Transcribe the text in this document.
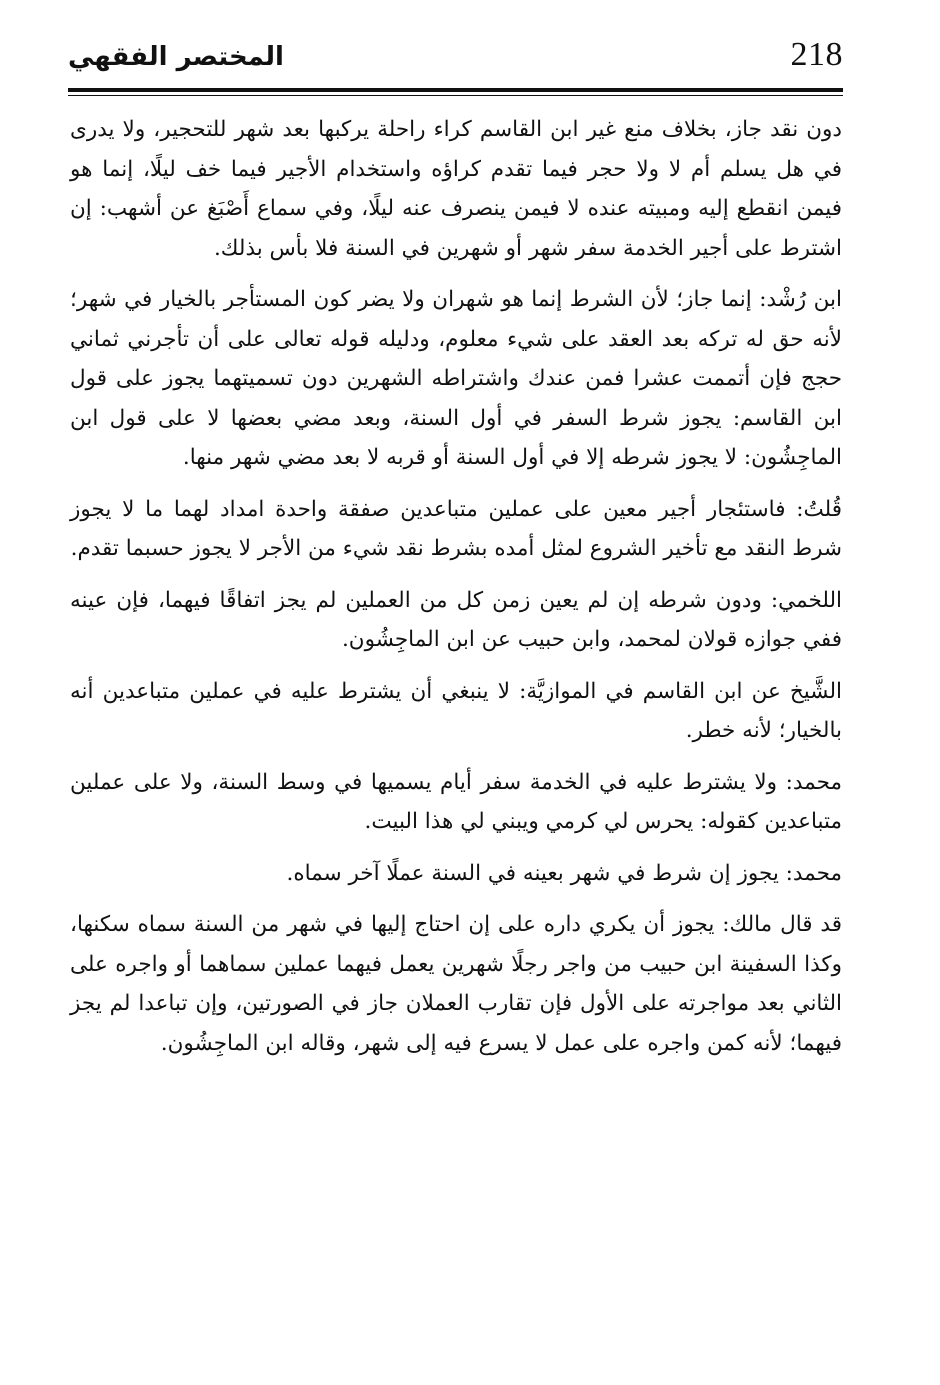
218
المختصر الفقهي

دون نقد جاز، بخلاف منع غير ابن القاسم كراء راحلة يركبها بعد شهر للتحجير، ولا يدرى في هل يسلم أم لا ولا حجر فيما تقدم كراؤه واستخدام الأجير فيما خف ليلًا، إنما هو فيمن انقطع إليه ومبيته عنده لا فيمن ينصرف عنه ليلًا، وفي سماع أَصْبَغ عن أشهب: إن اشترط على أجير الخدمة سفر شهر أو شهرين في السنة فلا بأس بذلك.

ابن رُشْد: إنما جاز؛ لأن الشرط إنما هو شهران ولا يضر كون المستأجر بالخيار في شهر؛ لأنه حق له تركه بعد العقد على شيء معلوم، ودليله قوله تعالى على أن تأجرني ثماني حجج فإن أتممت عشرا فمن عندك واشتراطه الشهرين دون تسميتهما يجوز على قول ابن القاسم: يجوز شرط السفر في أول السنة، وبعد مضي بعضها لا على قول ابن الماجِشُون: لا يجوز شرطه إلا في أول السنة أو قربه لا بعد مضي شهر منها.

قُلتُ: فاستئجار أجير معين على عملين متباعدين صفقة واحدة امداد لهما ما لا يجوز شرط النقد مع تأخير الشروع لمثل أمده بشرط نقد شيء من الأجر لا يجوز حسبما تقدم.

اللخمي: ودون شرطه إن لم يعين زمن كل من العملين لم يجز اتفاقًا فيهما، فإن عينه ففي جوازه قولان لمحمد، وابن حبيب عن ابن الماجِشُون.

الشَّيخ عن ابن القاسم في الموازيَّة: لا ينبغي أن يشترط عليه في عملين متباعدين أنه بالخيار؛ لأنه خطر.

محمد: ولا يشترط عليه في الخدمة سفر أيام يسميها في وسط السنة، ولا على عملين متباعدين كقوله: يحرس لي كرمي ويبني لي هذا البيت.

محمد: يجوز إن شرط في شهر بعينه في السنة عملًا آخر سماه.

قد قال مالك: يجوز أن يكري داره على إن احتاج إليها في شهر من السنة سماه سكنها، وكذا السفينة ابن حبيب من واجر رجلًا شهرين يعمل فيهما عملين سماهما أو واجره على الثاني بعد مواجرته على الأول فإن تقارب العملان جاز في الصورتين، وإن تباعدا لم يجز فيهما؛ لأنه كمن واجره على عمل لا يسرع فيه إلى شهر، وقاله ابن الماجِشُون.
